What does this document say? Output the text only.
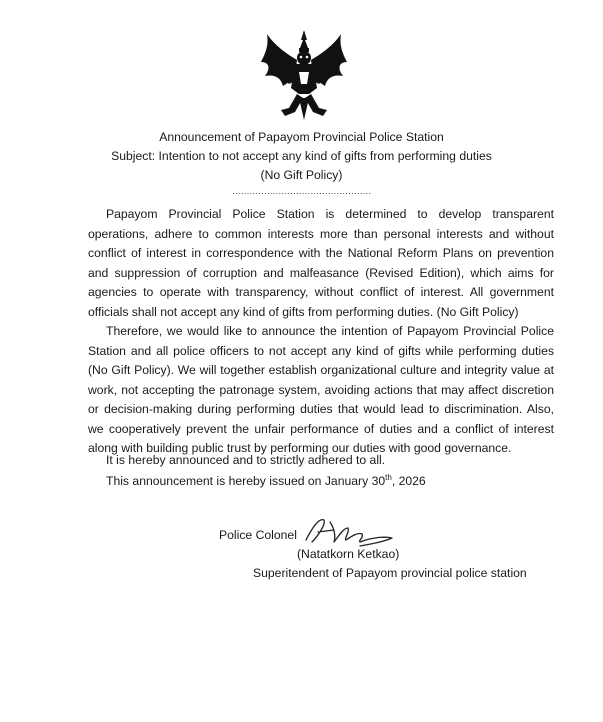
Announcement of Papayom Provincial Police Station
Subject: Intention to not accept any kind of gifts from performing duties
(No Gift Policy)
…………………………………………

Papayom Provincial Police Station is determined to develop transparent operations, adhere to common interests more than personal interests and without conflict of interest in correspondence with the National Reform Plans on prevention and suppression of corruption and malfeasance (Revised Edition), which aims for agencies to operate with transparency, without conflict of interest. All government officials shall not accept any kind of gifts from performing duties. (No Gift Policy)

Therefore, we would like to announce the intention of Papayom Provincial Police Station and all police officers to not accept any kind of gifts while performing duties (No Gift Policy). We will together establish organizational culture and integrity value at work, not accepting the patronage system, avoiding actions that may affect discretion or decision-making during performing duties that would lead to discrimination. Also, we cooperatively prevent the unfair performance of duties and a conflict of interest along with building public trust by performing our duties with good governance.

It is hereby announced and to strictly adhered to all.
This announcement is hereby issued on January 30th, 2026
Police Colonel
(Natatkorn Ketkao)
Superitendent of Papayom provincial police station
